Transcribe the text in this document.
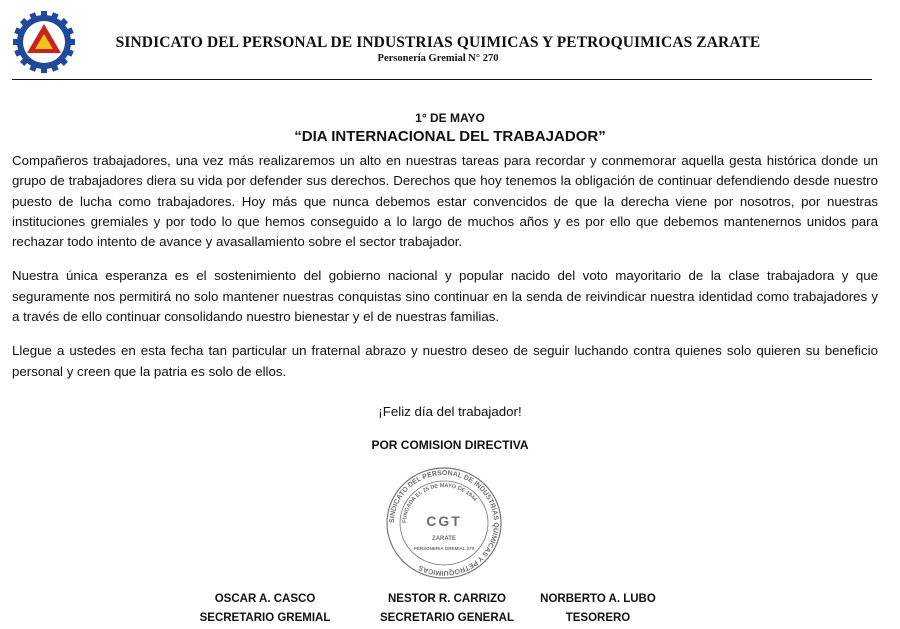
SINDICATO DEL PERSONAL DE INDUSTRIAS QUIMICAS Y PETROQUIMICAS ZARATE

Personería Gremial N° 270

1° DE MAYO

“DIA INTERNACIONAL DEL TRABAJADOR”

Compañeros trabajadores, una vez más realizaremos un alto en nuestras tareas para recordar y conmemorar aquella gesta histórica donde un grupo de trabajadores diera su vida por defender sus derechos. Derechos que hoy tenemos la obligación de continuar defendiendo desde nuestro puesto de lucha como trabajadores. Hoy más que nunca debemos estar convencidos de que la derecha viene por nosotros, por nuestras instituciones gremiales y por todo lo que hemos conseguido a lo largo de muchos años y es por ello que debemos mantenernos unidos para rechazar todo intento de avance y avasallamiento sobre el sector trabajador.

Nuestra única esperanza es el sostenimiento del gobierno nacional y popular nacido del voto mayoritario de la clase trabajadora y que seguramente nos permitirá no solo mantener nuestras conquistas sino continuar en la senda de reivindicar nuestra identidad como trabajadores y a través de ello continuar consolidando nuestro bienestar y el de nuestras familias.

Llegue a ustedes en esta fecha tan particular un fraternal abrazo y nuestro deseo de seguir luchando contra quienes solo quieren su beneficio personal y creen que la patria es solo de ellos.

¡Feliz día del trabajador!

POR COMISION DIRECTIVA

SINDICATO DEL PERSONAL DE INDUSTRIAS QUIMICAS Y PETROQUIMICAS
FUNDADA EL 25 DE MAYO DE 1944
CGT
ZARATE
PERSONERIA GREMIAL 270
OSCAR A. CASCO
SECRETARIO GREMIAL
NESTOR R. CARRIZO
SECRETARIO GENERAL
NORBERTO A. LUBO
TESORERO
